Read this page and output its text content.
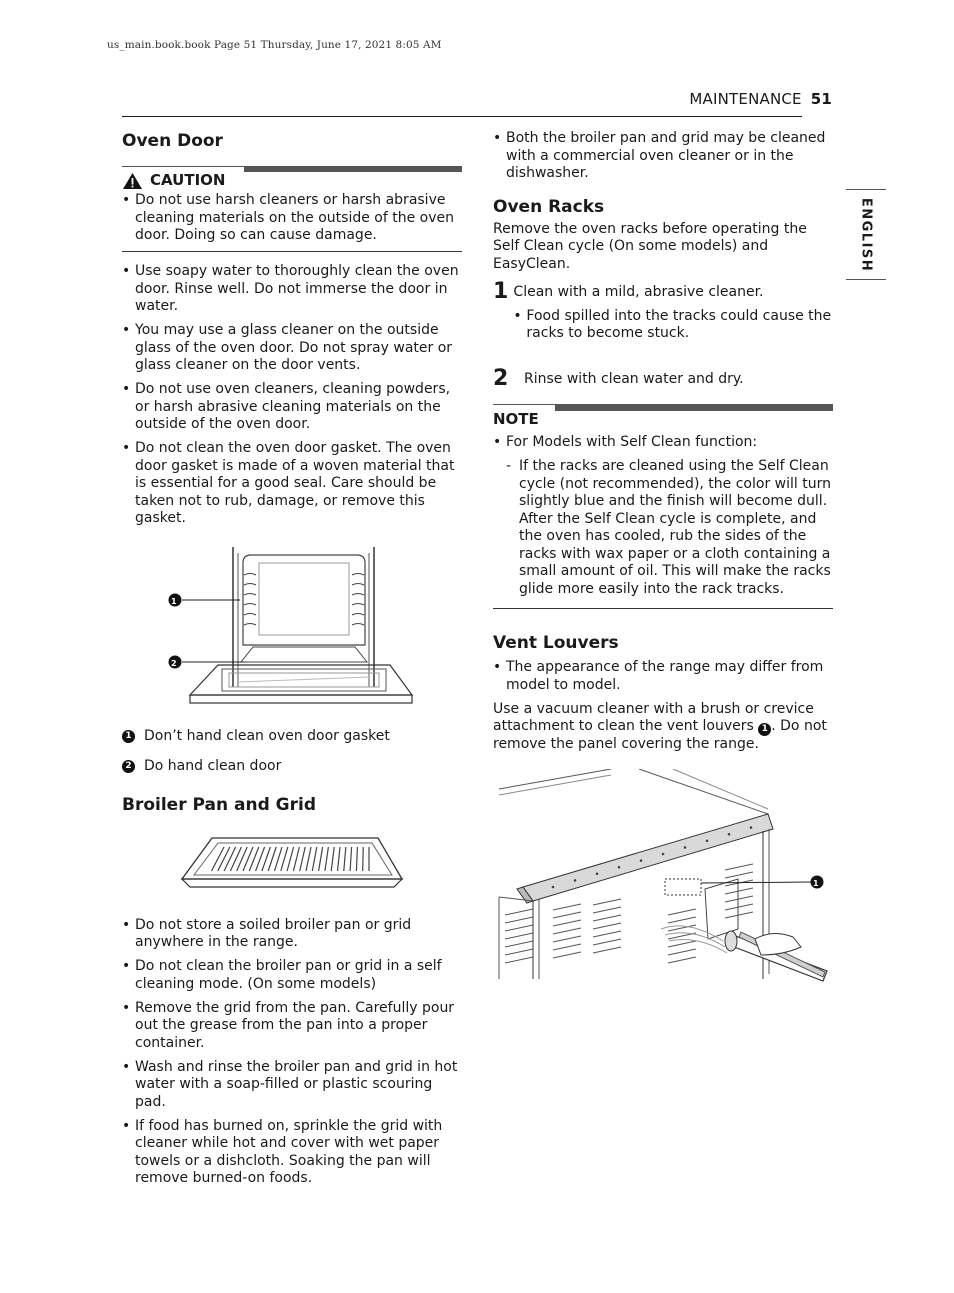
us_main.book.book Page 51 Thursday, June 17, 2021 8:05 AM
MAINTENANCE 51
ENGLISH
Oven Door
CAUTION
• Do not use harsh cleaners or harsh abrasive cleaning materials on the outside of the oven door. Doing so can cause damage.
• Use soapy water to thoroughly clean the oven door. Rinse well. Do not immerse the door in water.
• You may use a glass cleaner on the outside glass of the oven door. Do not spray water or glass cleaner on the door vents.
• Do not use oven cleaners, cleaning powders, or harsh abrasive cleaning materials on the outside of the oven door.
• Do not clean the oven door gasket. The oven door gasket is made of a woven material that is essential for a good seal. Care should be taken not to rub, damage, or remove this gasket.
1
2
1 Don’t hand clean oven door gasket
2 Do hand clean door
Broiler Pan and Grid
• Do not store a soiled broiler pan or grid anywhere in the range.
• Do not clean the broiler pan or grid in a self cleaning mode. (On some models)
• Remove the grid from the pan. Carefully pour out the grease from the pan into a proper container.
• Wash and rinse the broiler pan and grid in hot water with a soap-filled or plastic scouring pad.
• If food has burned on, sprinkle the grid with cleaner while hot and cover with wet paper towels or a dishcloth. Soaking the pan will remove burned-on foods.
• Both the broiler pan and grid may be cleaned with a commercial oven cleaner or in the dishwasher.
Oven Racks

Remove the oven racks before operating the Self Clean cycle (On some models) and EasyClean.

1 Clean with a mild, abrasive cleaner.

• Food spilled into the tracks could cause the racks to become stuck.
2	Rinse with clean water and dry.

NOTE
• For Models with Self Clean function:
- If the racks are cleaned using the Self Clean cycle (not recommended), the color will turn slightly blue and the finish will become dull. After the Self Clean cycle is complete, and the oven has cooled, rub the sides of the racks with wax paper or a cloth containing a small amount of oil. This will make the racks glide more easily into the rack tracks.
Vent Louvers
• The appearance of the range may differ from model to model.

Use a vacuum cleaner with a brush or crevice attachment to clean the vent louvers 1 . Do not remove the panel covering the range.

1
